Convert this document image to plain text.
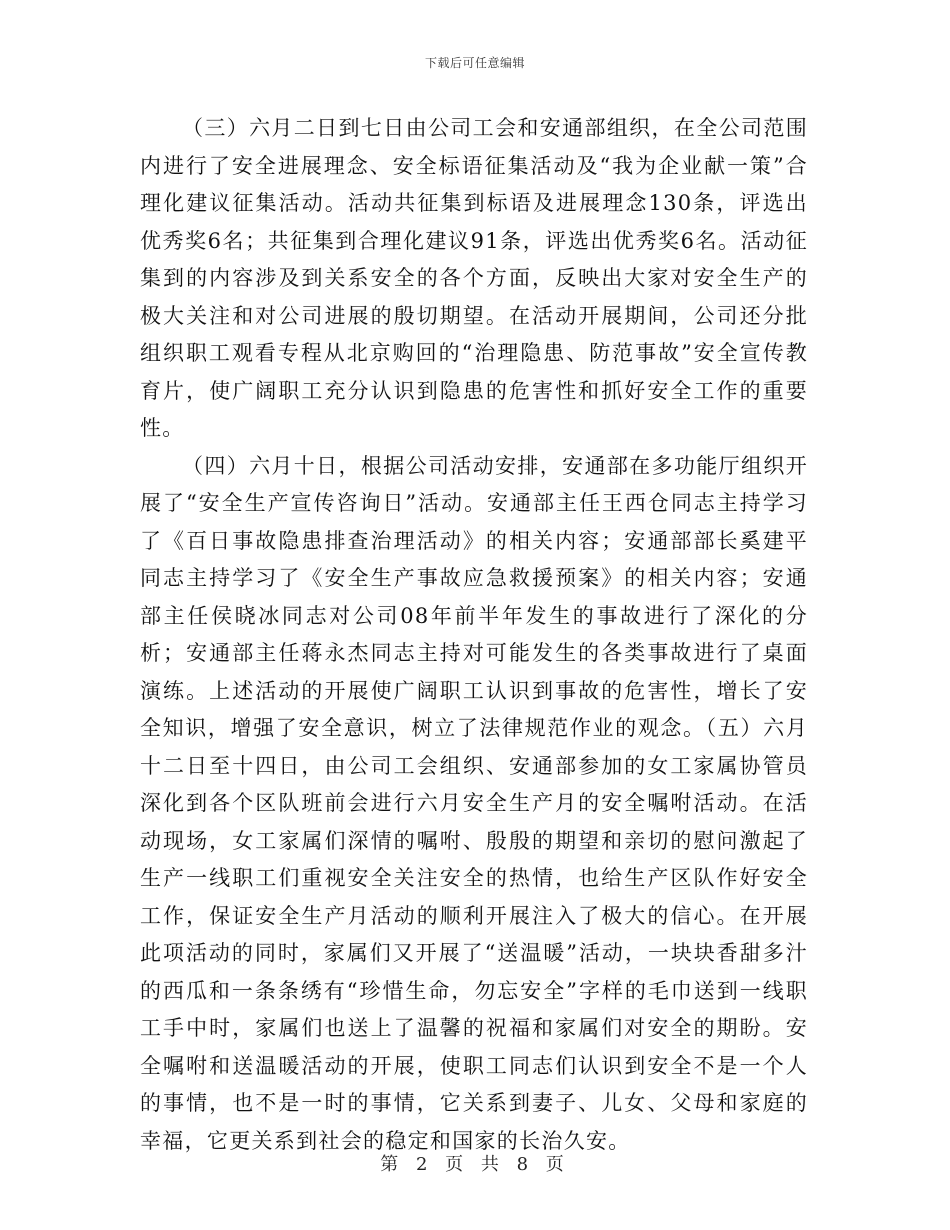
下载后可任意编辑

（三）六月二日到七日由公司工会和安通部组织，在全公司范围内进行了安全进展理念、安全标语征集活动及“我为企业献一策”合理化建议征集活动。活动共征集到标语及进展理念130条，评选出优秀奖6名；共征集到合理化建议91条，评选出优秀奖6名。活动征集到的内容涉及到关系安全的各个方面，反映出大家对安全生产的极大关注和对公司进展的殷切期望。在活动开展期间，公司还分批组织职工观看专程从北京购回的“治理隐患、防范事故”安全宣传教育片，使广阔职工充分认识到隐患的危害性和抓好安全工作的重要性。

（四）六月十日，根据公司活动安排，安通部在多功能厅组织开展了“安全生产宣传咨询日”活动。安通部主任王西仓同志主持学习了《百日事故隐患排查治理活动》的相关内容；安通部部长奚建平同志主持学习了《安全生产事故应急救援预案》的相关内容；安通部主任侯晓冰同志对公司08年前半年发生的事故进行了深化的分析；安通部主任蒋永杰同志主持对可能发生的各类事故进行了桌面演练。上述活动的开展使广阔职工认识到事故的危害性，增长了安全知识，增强了安全意识，树立了法律规范作业的观念。（五）六月十二日至十四日，由公司工会组织、安通部参加的女工家属协管员深化到各个区队班前会进行六月安全生产月的安全嘱咐活动。在活动现场，女工家属们深情的嘱咐、殷殷的期望和亲切的慰问激起了生产一线职工们重视安全关注安全的热情，也给生产区队作好安全工作，保证安全生产月活动的顺利开展注入了极大的信心。在开展此项活动的同时，家属们又开展了“送温暖”活动，一块块香甜多汁的西瓜和一条条绣有“珍惜生命，勿忘安全”字样的毛巾送到一线职工手中时，家属们也送上了温馨的祝福和家属们对安全的期盼。安全嘱咐和送温暖活动的开展，使职工同志们认识到安全不是一个人的事情，也不是一时的事情，它关系到妻子、儿女、父母和家庭的幸福，它更关系到社会的稳定和国家的长治久安。

第 2 页 共 8 页
